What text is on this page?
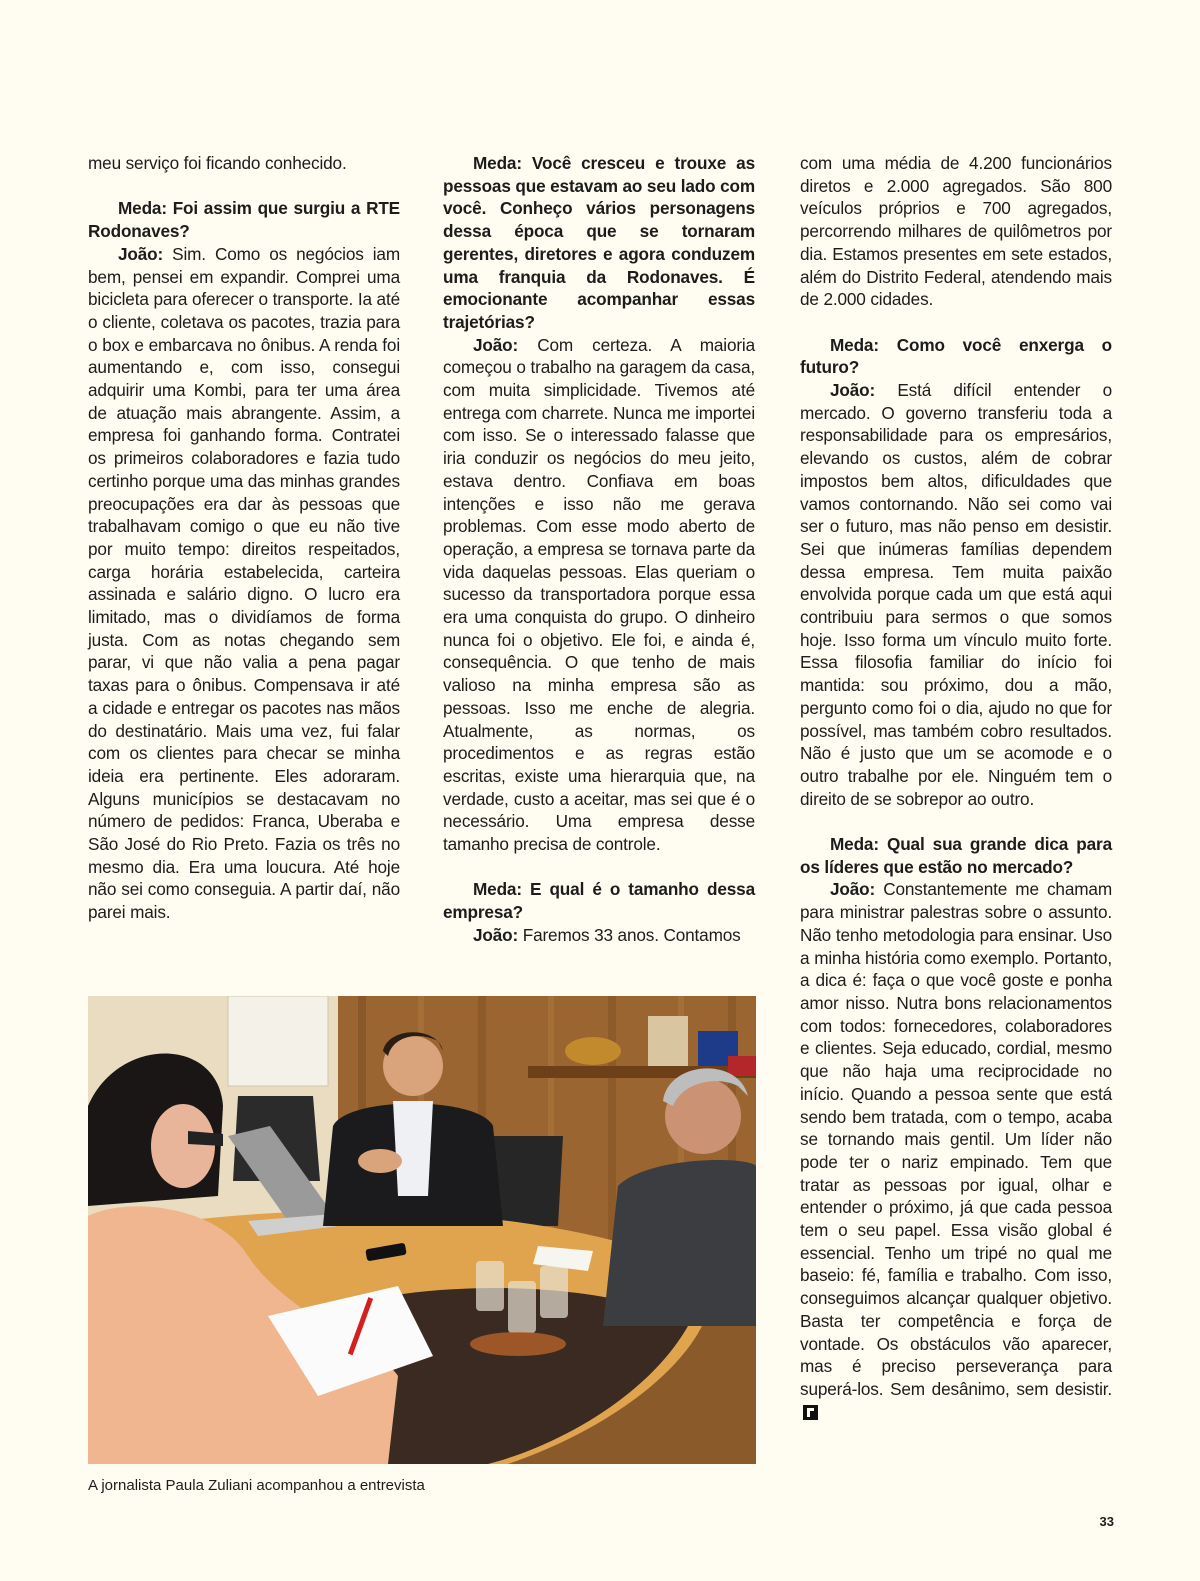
meu serviço foi ficando conhecido.

Meda: Foi assim que surgiu a RTE Rodonaves?

João: Sim. Como os negócios iam bem, pensei em expandir. Comprei uma bicicleta para oferecer o transporte. Ia até o cliente, coletava os pacotes, trazia para o box e embarcava no ônibus. A renda foi aumentando e, com isso, consegui adquirir uma Kombi, para ter uma área de atuação mais abrangente. Assim, a empresa foi ganhando forma. Contratei os primeiros colaboradores e fazia tudo certinho porque uma das minhas grandes preocupações era dar às pessoas que trabalhavam comigo o que eu não tive por muito tempo: direitos respeitados, carga horária estabelecida, carteira assinada e salário digno. O lucro era limitado, mas o dividíamos de forma justa. Com as notas chegando sem parar, vi que não valia a pena pagar taxas para o ônibus. Compensava ir até a cidade e entregar os pacotes nas mãos do destinatário. Mais uma vez, fui falar com os clientes para checar se minha ideia era pertinente. Eles adoraram. Alguns municípios se destacavam no número de pedidos: Franca, Uberaba e São José do Rio Preto. Fazia os três no mesmo dia. Era uma loucura. Até hoje não sei como conseguia. A partir daí, não parei mais.

Meda: Você cresceu e trouxe as pessoas que estavam ao seu lado com você. Conheço vários personagens dessa época que se tornaram gerentes, diretores e agora conduzem uma franquia da Rodonaves. É emocionante acompanhar essas trajetórias?

João: Com certeza. A maioria começou o trabalho na garagem da casa, com muita simplicidade. Tivemos até entrega com charrete. Nunca me importei com isso. Se o interessado falasse que iria conduzir os negócios do meu jeito, estava dentro. Confiava em boas intenções e isso não me gerava problemas. Com esse modo aberto de operação, a empresa se tornava parte da vida daquelas pessoas. Elas queriam o sucesso da transportadora porque essa era uma conquista do grupo. O dinheiro nunca foi o objetivo. Ele foi, e ainda é, consequência. O que tenho de mais valioso na minha empresa são as pessoas. Isso me enche de alegria. Atualmente, as normas, os procedimentos e as regras estão escritas, existe uma hierarquia que, na verdade, custo a aceitar, mas sei que é o necessário. Uma empresa desse tamanho precisa de controle.

Meda: E qual é o tamanho dessa empresa?

João: Faremos 33 anos. Contamos

com uma média de 4.200 funcionários diretos e 2.000 agregados. São 800 veículos próprios e 700 agregados, percorrendo milhares de quilômetros por dia. Estamos presentes em sete estados, além do Distrito Federal, atendendo mais de 2.000 cidades.

Meda: Como você enxerga o futuro?

João: Está difícil entender o mercado. O governo transferiu toda a responsabilidade para os empresários, elevando os custos, além de cobrar impostos bem altos, dificuldades que vamos contornando. Não sei como vai ser o futuro, mas não penso em desistir. Sei que inúmeras famílias dependem dessa empresa. Tem muita paixão envolvida porque cada um que está aqui contribuiu para sermos o que somos hoje. Isso forma um vínculo muito forte. Essa filosofia familiar do início foi mantida: sou próximo, dou a mão, pergunto como foi o dia, ajudo no que for possível, mas também cobro resultados. Não é justo que um se acomode e o outro trabalhe por ele. Ninguém tem o direito de se sobrepor ao outro.

Meda: Qual sua grande dica para os líderes que estão no mercado?

João: Constantemente me chamam para ministrar palestras sobre o assunto. Não tenho metodologia para ensinar. Uso a minha história como exemplo. Portanto, a dica é: faça o que você goste e ponha amor nisso. Nutra bons relacionamentos com todos: fornecedores, colaboradores e clientes. Seja educado, cordial, mesmo que não haja uma reciprocidade no início. Quando a pessoa sente que está sendo bem tratada, com o tempo, acaba se tornando mais gentil. Um líder não pode ter o nariz empinado. Tem que tratar as pessoas por igual, olhar e entender o próximo, já que cada pessoa tem o seu papel. Essa visão global é essencial. Tenho um tripé no qual me baseio: fé, família e trabalho. Com isso, conseguimos alcançar qualquer objetivo. Basta ter competência e força de vontade. Os obstáculos vão aparecer, mas é preciso perseverança para superá-los. Sem desânimo, sem desistir.

A jornalista Paula Zuliani acompanhou a entrevista
33
